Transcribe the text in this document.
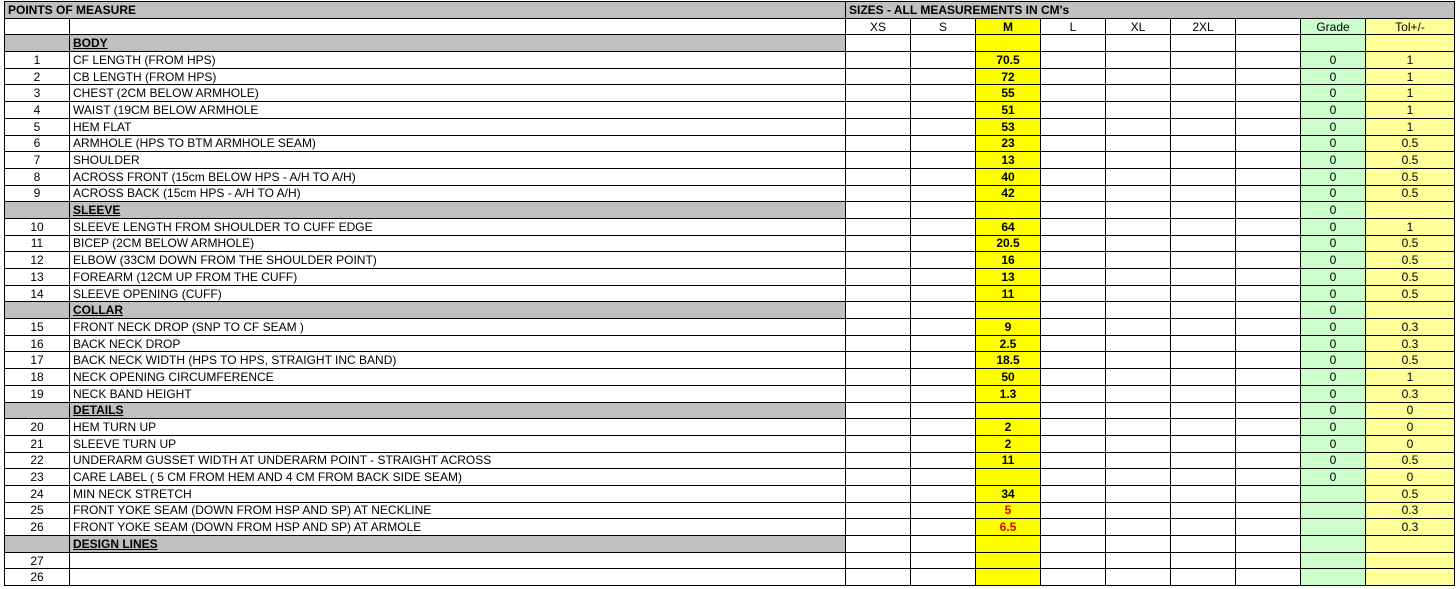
POINTS OF MEASURE		SIZES - ALL MEASUREMENTS IN CM's								
		XS	S	M	L	XL	2XL		Grade	Tol+/-
	BODY									
1	CF LENGTH (FROM HPS)			70.5					0	1
2	CB LENGTH (FROM HPS)			72					0	1
3	CHEST (2CM BELOW ARMHOLE)			55					0	1
4	WAIST (19CM BELOW ARMHOLE			51					0	1
5	HEM FLAT			53					0	1
6	ARMHOLE (HPS TO BTM ARMHOLE SEAM)			23					0	0.5
7	SHOULDER			13					0	0.5
8	ACROSS FRONT (15cm BELOW HPS - A/H TO A/H)			40					0	0.5
9	ACROSS BACK (15cm HPS - A/H TO A/H)			42					0	0.5
	SLEEVE								0	
10	SLEEVE LENGTH FROM SHOULDER TO CUFF EDGE			64					0	1
11	BICEP (2CM BELOW ARMHOLE)			20.5					0	0.5
12	ELBOW (33CM DOWN FROM THE SHOULDER POINT)			16					0	0.5
13	FOREARM (12CM UP FROM THE CUFF)			13					0	0.5
14	SLEEVE OPENING (CUFF)			11					0	0.5
	COLLAR								0	
15	FRONT NECK DROP (SNP TO CF SEAM )			9					0	0.3
16	BACK NECK DROP			2.5					0	0.3
17	BACK NECK WIDTH (HPS TO HPS, STRAIGHT INC BAND)			18.5					0	0.5
18	NECK OPENING CIRCUMFERENCE			50					0	1
19	NECK BAND HEIGHT			1.3					0	0.3
	DETAILS								0	0
20	HEM TURN UP			2					0	0
21	SLEEVE TURN UP			2					0	0
22	UNDERARM GUSSET WIDTH AT UNDERARM POINT - STRAIGHT ACROSS			11					0	0.5
23	CARE LABEL ( 5 CM FROM HEM AND 4 CM FROM BACK SIDE SEAM)								0	0
24	MIN NECK STRETCH			34						0.5
25	FRONT YOKE SEAM (DOWN FROM HSP AND SP) AT NECKLINE			5						0.3
26	FRONT YOKE SEAM (DOWN FROM HSP AND SP) AT ARMOLE			6.5						0.3
	DESIGN LINES									
27										
26										
